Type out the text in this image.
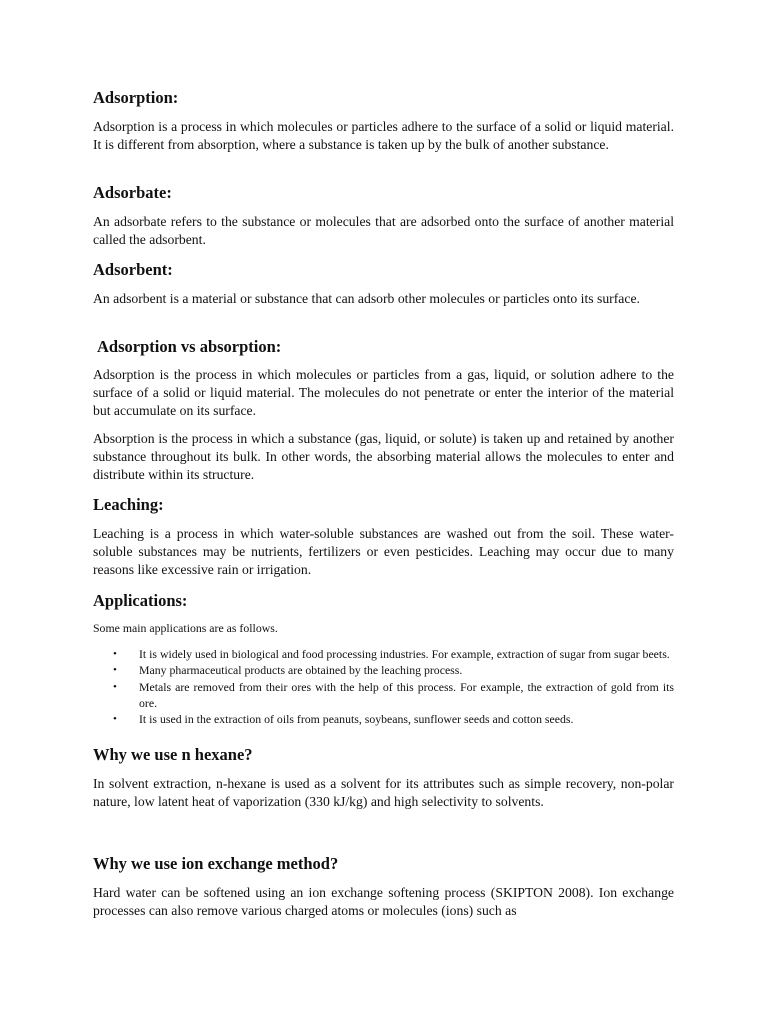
Adsorption:

Adsorption is a process in which molecules or particles adhere to the surface of a solid or liquid material. It is different from absorption, where a substance is taken up by the bulk of another substance.

Adsorbate:

An adsorbate refers to the substance or molecules that are adsorbed onto the surface of another material called the adsorbent.

Adsorbent:

An adsorbent is a material or substance that can adsorb other molecules or particles onto its surface.

Adsorption vs absorption:

Adsorption is the process in which molecules or particles from a gas, liquid, or solution adhere to the surface of a solid or liquid material. The molecules do not penetrate or enter the interior of the material but accumulate on its surface.

Absorption is the process in which a substance (gas, liquid, or solute) is taken up and retained by another substance throughout its bulk. In other words, the absorbing material allows the molecules to enter and distribute within its structure.

Leaching:

Leaching is a process in which water-soluble substances are washed out from the soil. These water-soluble substances may be nutrients, fertilizers or even pesticides. Leaching may occur due to many reasons like excessive rain or irrigation.

Applications:

Some main applications are as follows.

• It is widely used in biological and food processing industries. For example, extraction of sugar from sugar beets.
• Many pharmaceutical products are obtained by the leaching process.
• Metals are removed from their ores with the help of this process. For example, the extraction of gold from its ore.
• It is used in the extraction of oils from peanuts, soybeans, sunflower seeds and cotton seeds.
Why we use n hexane?

In solvent extraction, n-hexane is used as a solvent for its attributes such as simple recovery, non-polar nature, low latent heat of vaporization (330 kJ/kg) and high selectivity to solvents.

Why we use ion exchange method?

Hard water can be softened using an ion exchange softening process (SKIPTON 2008). Ion exchange processes can also remove various charged atoms or molecules (ions) such as
